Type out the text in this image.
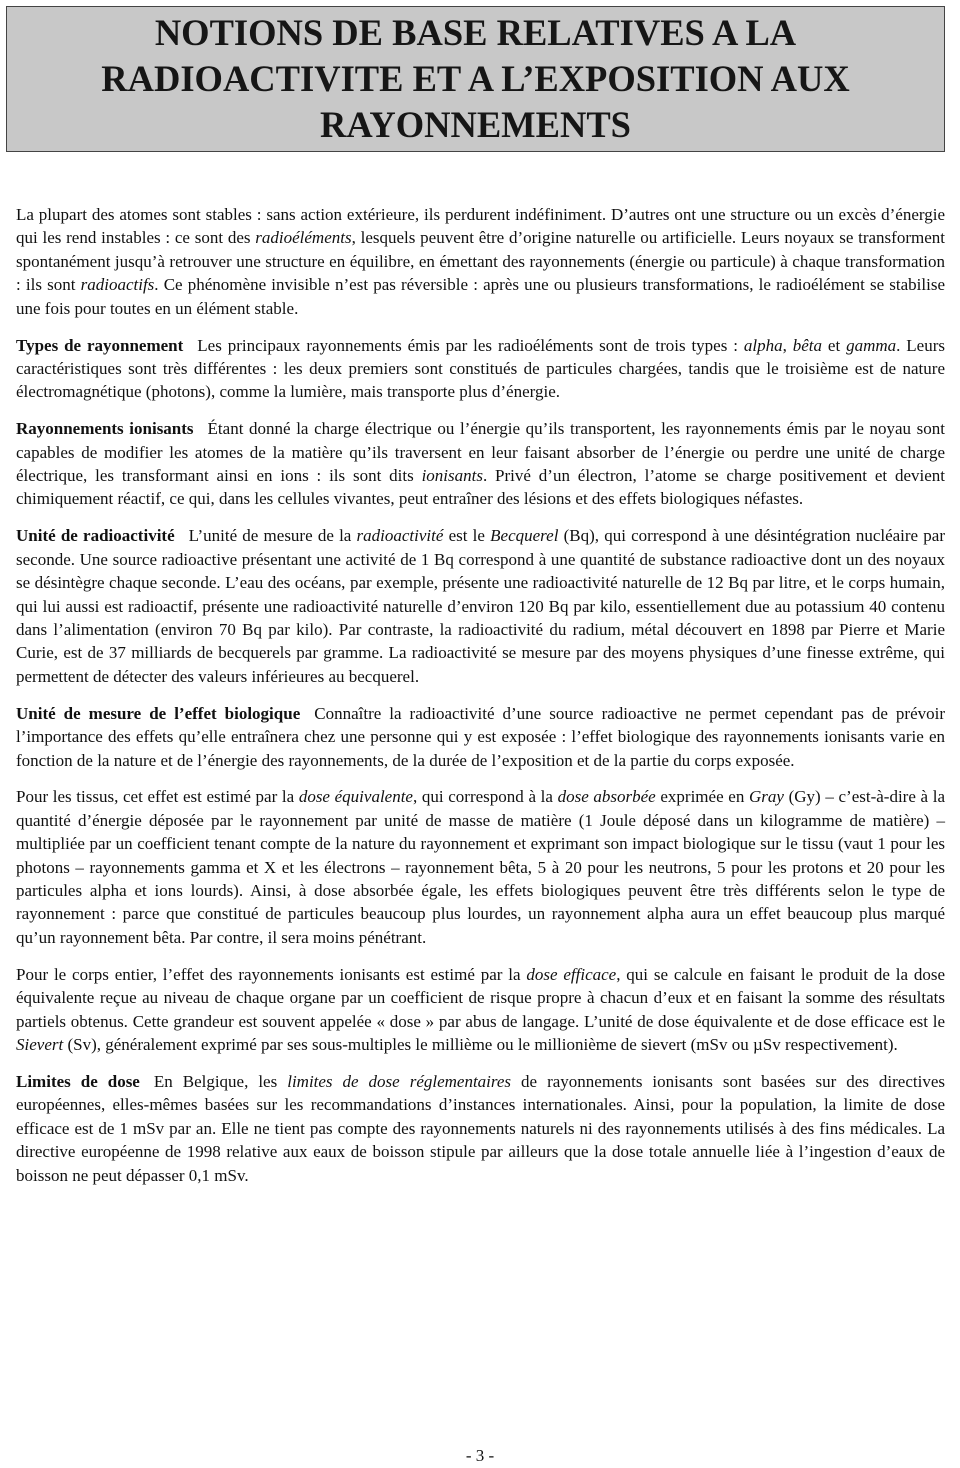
NOTIONS DE BASE RELATIVES A LA
RADIOACTIVITE ET A L’EXPOSITION AUX
RAYONNEMENTS

La plupart des atomes sont stables : sans action extérieure, ils perdurent indéfiniment. D’autres ont une structure ou un excès d’énergie qui les rend instables : ce sont des radioéléments, lesquels peuvent être d’origine naturelle ou artificielle. Leurs noyaux se transforment spontanément jusqu’à retrouver une structure en équilibre, en émettant des rayonnements (énergie ou particule) à chaque transformation : ils sont radioactifs. Ce phénomène invisible n’est pas réversible : après une ou plusieurs transformations, le radioélément se stabilise une fois pour toutes en un élément stable.

Types de rayonnement Les principaux rayonnements émis par les radioéléments sont de trois types : alpha, bêta et gamma. Leurs caractéristiques sont très différentes : les deux premiers sont constitués de particules chargées, tandis que le troisième est de nature électromagnétique (photons), comme la lumière, mais transporte plus d’énergie.

Rayonnements ionisants Étant donné la charge électrique ou l’énergie qu’ils transportent, les rayonnements émis par le noyau sont capables de modifier les atomes de la matière qu’ils traversent en leur faisant absorber de l’énergie ou perdre une unité de charge électrique, les transformant ainsi en ions : ils sont dits ionisants. Privé d’un électron, l’atome se charge positivement et devient chimiquement réactif, ce qui, dans les cellules vivantes, peut entraîner des lésions et des effets biologiques néfastes.

Unité de radioactivité L’unité de mesure de la radioactivité est le Becquerel (Bq), qui correspond à une désintégration nucléaire par seconde. Une source radioactive présentant une activité de 1 Bq correspond à une quantité de substance radioactive dont un des noyaux se désintègre chaque seconde. L’eau des océans, par exemple, présente une radioactivité naturelle de 12 Bq par litre, et le corps humain, qui lui aussi est radioactif, présente une radioactivité naturelle d’environ 120 Bq par kilo, essentiellement due au potassium 40 contenu dans l’alimentation (environ 70 Bq par kilo). Par contraste, la radioactivité du radium, métal découvert en 1898 par Pierre et Marie Curie, est de 37 milliards de becquerels par gramme. La radioactivité se mesure par des moyens physiques d’une finesse extrême, qui permettent de détecter des valeurs inférieures au becquerel.

Unité de mesure de l’effet biologique Connaître la radioactivité d’une source radioactive ne permet cependant pas de prévoir l’importance des effets qu’elle entraînera chez une personne qui y est exposée : l’effet biologique des rayonnements ionisants varie en fonction de la nature et de l’énergie des rayonnements, de la durée de l’exposition et de la partie du corps exposée.

Pour les tissus, cet effet est estimé par la dose équivalente, qui correspond à la dose absorbée exprimée en Gray (Gy) – c’est-à-dire à la quantité d’énergie déposée par le rayonnement par unité de masse de matière (1 Joule déposé dans un kilogramme de matière) – multipliée par un coefficient tenant compte de la nature du rayonnement et exprimant son impact biologique sur le tissu (vaut 1 pour les photons – rayonnements gamma et X et les électrons – rayonnement bêta, 5 à 20 pour les neutrons, 5 pour les protons et 20 pour les particules alpha et ions lourds). Ainsi, à dose absorbée égale, les effets biologiques peuvent être très différents selon le type de rayonnement : parce que constitué de particules beaucoup plus lourdes, un rayonnement alpha aura un effet beaucoup plus marqué qu’un rayonnement bêta. Par contre, il sera moins pénétrant.

Pour le corps entier, l’effet des rayonnements ionisants est estimé par la dose efficace, qui se calcule en faisant le produit de la dose équivalente reçue au niveau de chaque organe par un coefficient de risque propre à chacun d’eux et en faisant la somme des résultats partiels obtenus. Cette grandeur est souvent appelée « dose » par abus de langage. L’unité de dose équivalente et de dose efficace est le Sievert (Sv), généralement exprimé par ses sous-multiples le millième ou le millionième de sievert (mSv ou µSv respectivement).

Limites de dose En Belgique, les limites de dose réglementaires de rayonnements ionisants sont basées sur des directives européennes, elles-mêmes basées sur les recommandations d’instances internationales. Ainsi, pour la population, la limite de dose efficace est de 1 mSv par an. Elle ne tient pas compte des rayonnements naturels ni des rayonnements utilisés à des fins médicales. La directive européenne de 1998 relative aux eaux de boisson stipule par ailleurs que la dose totale annuelle liée à l’ingestion d’eaux de boisson ne peut dépasser 0,1 mSv.

- 3 -
